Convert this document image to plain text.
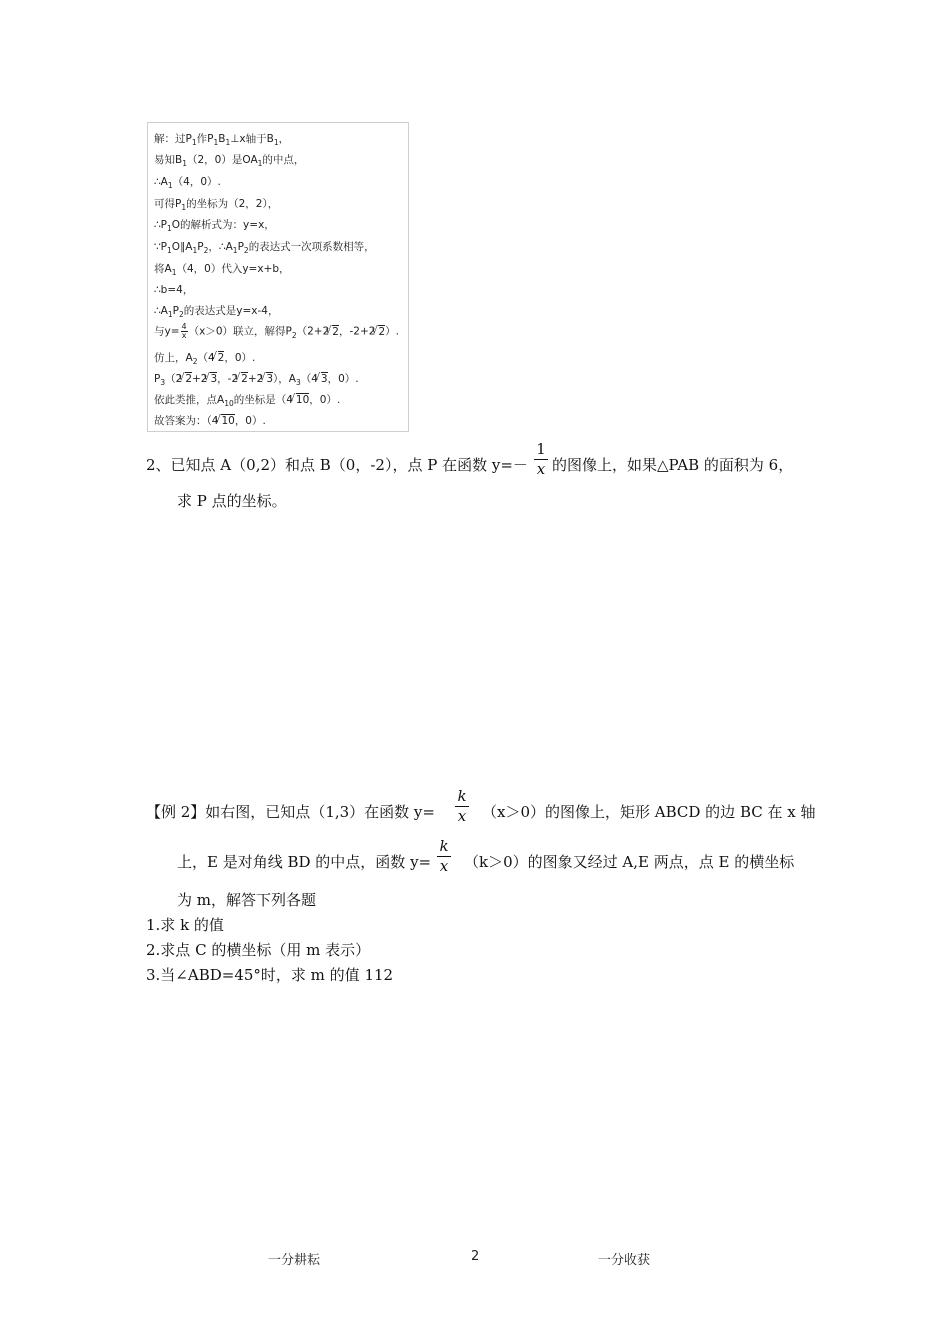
解：过$P_1$作$P_1B_1\perp x$轴于$B_1$，
易知$B_1(2$，0）是$OA_1$的中点，
$\therefore A_1(4$，0）.
可得$P_1$的坐标为（2，2），
$\therefore P_1O$的解析式为：y=x，
$\because P_1O\parallel A_1P_2$，$\therefore A_1P_2$的表达式一次项系数相等，
将$A_1(4$，0）代入y=x+b，
∴b=4，
$\therefore A_1P_2$的表达式是y=x-4，
与$y= \frac{4}{x} (x>0)$联立，解得$P_2(2+2√$ 2，-2+2√ 2）.
仿上，$A_2(4√$ 2，0）.
$P_3(2√$ 2+2√ 3，-2√ 2+2√ 3），$A_3(4√$ 3，0）.
依此类推，点$A_{10}$的坐标是（4√ 10，0）.
故答案为：（4√ 10，0）.
2、已知点 A（0,2）和点 B（0，-2），点 P 在函数 $y=- \frac{1}{x}$ 的图像上，如果△PAB 的面积为 6，
求 P 点的坐标。
【例 2】如右图，已知点（1,3）在函数 $y= \frac{k}{x} (x>0)$的图像上，矩形 ABCD 的边 BC 在 x 轴
上，E 是对角线 BD 的中点，函数 $y= \frac{k}{x} (k>0)$的图象又经过 A,E 两点，点 E 的横坐标
为 m，解答下列各题
1.求 k 的值
2.求点 C 的横坐标（用 m 表示）
3.当∠ABD=45°时，求 m 的值 112
一分耕耘	2	一分收获
